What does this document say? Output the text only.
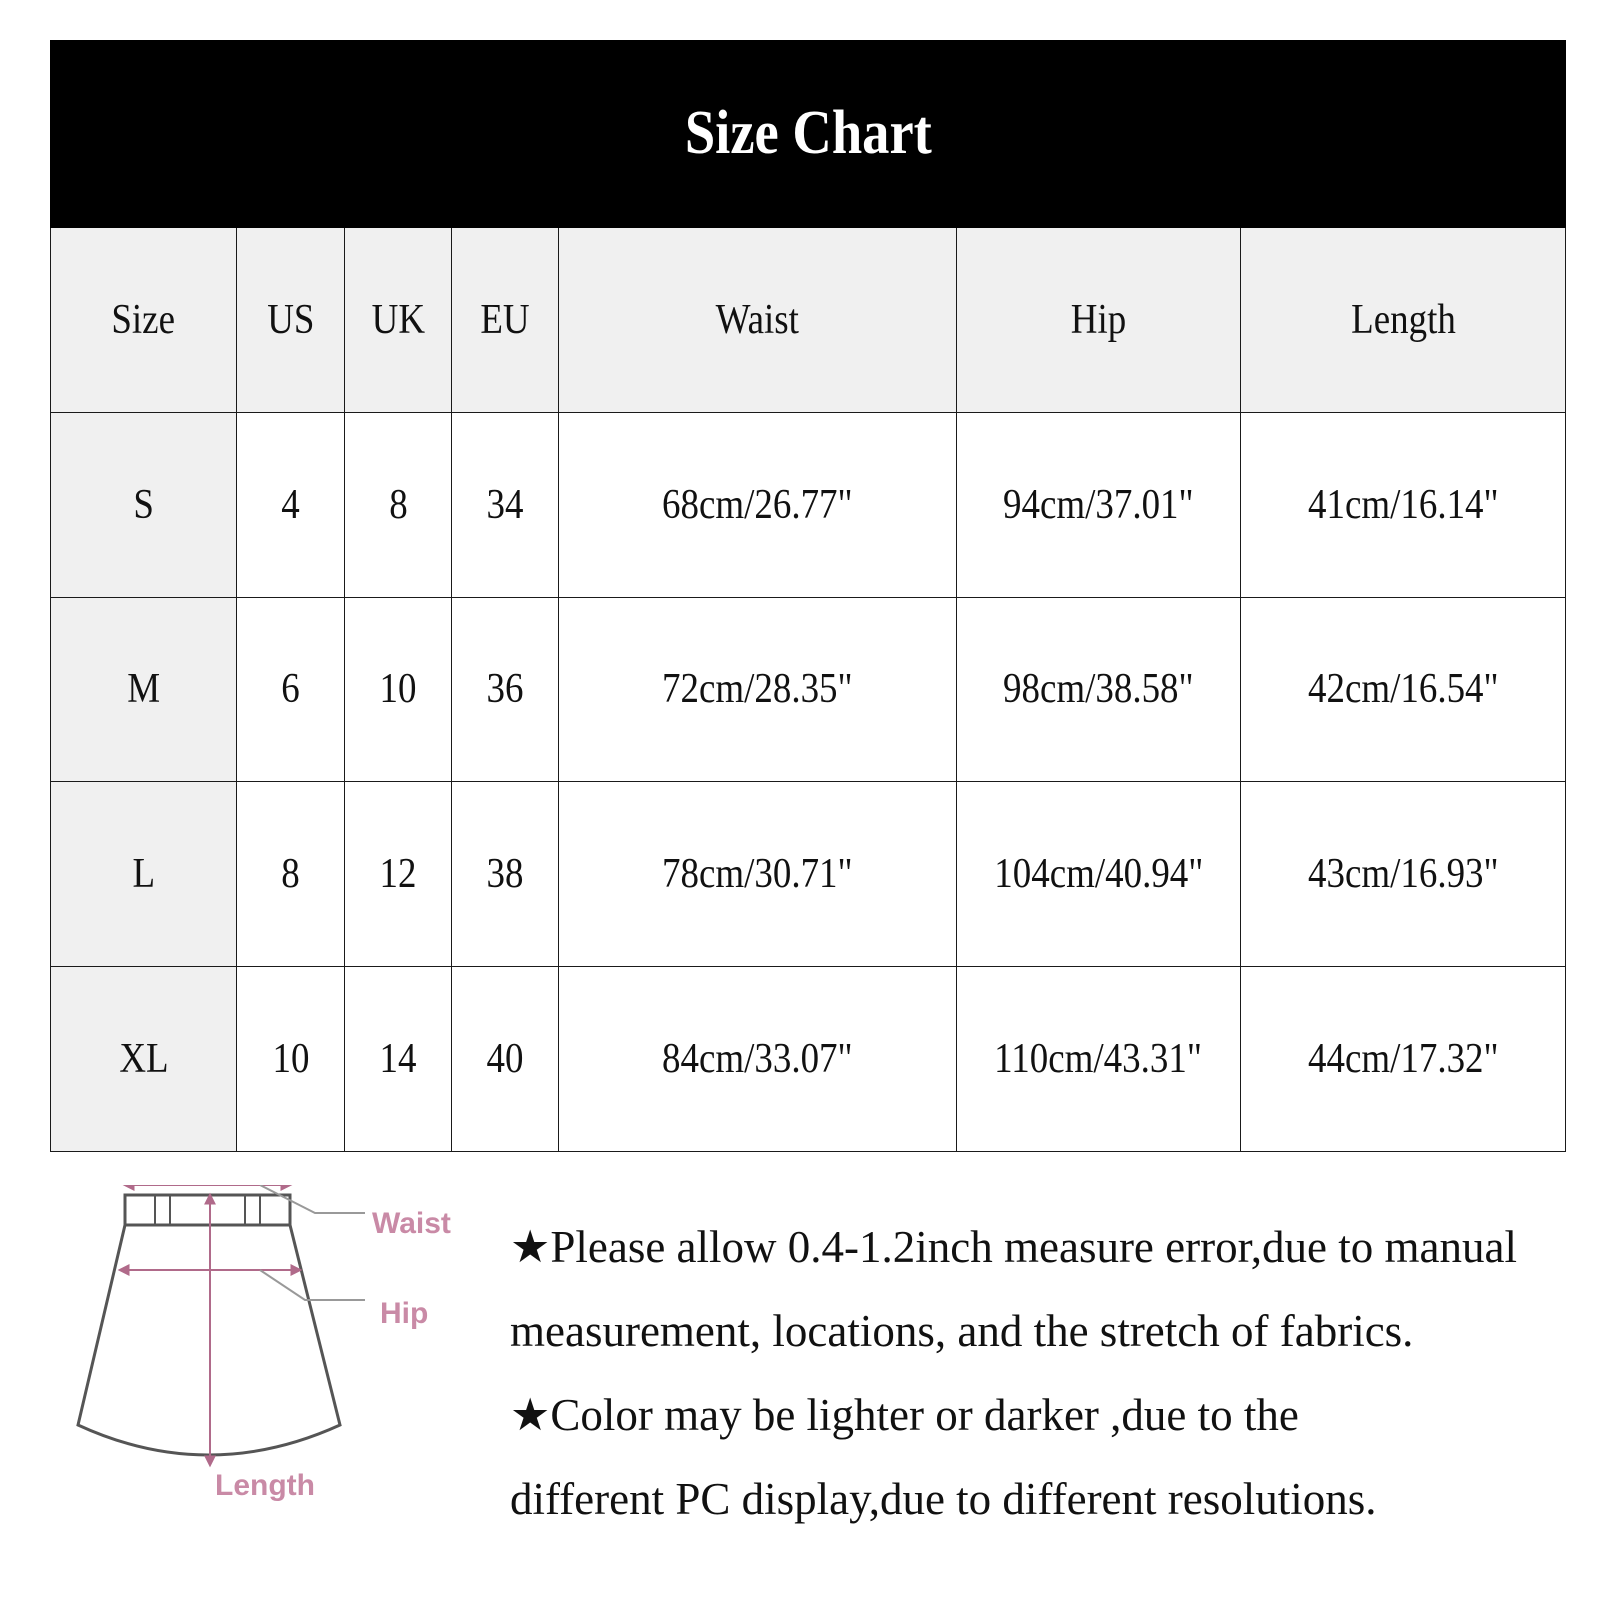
Size Chart						
Size	US	UK	EU	Waist	Hip	Length
S	4	8	34	68cm/26.77"	94cm/37.01"	41cm/16.14"
M	6	10	36	72cm/28.35"	98cm/38.58"	42cm/16.54"
L	8	12	38	78cm/30.71"	104cm/40.94"	43cm/16.93"
XL	10	14	40	84cm/33.07"	110cm/43.31"	44cm/17.32"
Waist
Hip
Length

★Please allow 0.4-1.2inch measure error,due to manual

measurement, locations, and the stretch of fabrics.

★Color may be lighter or darker ,due to the

different PC display,due to different resolutions.
